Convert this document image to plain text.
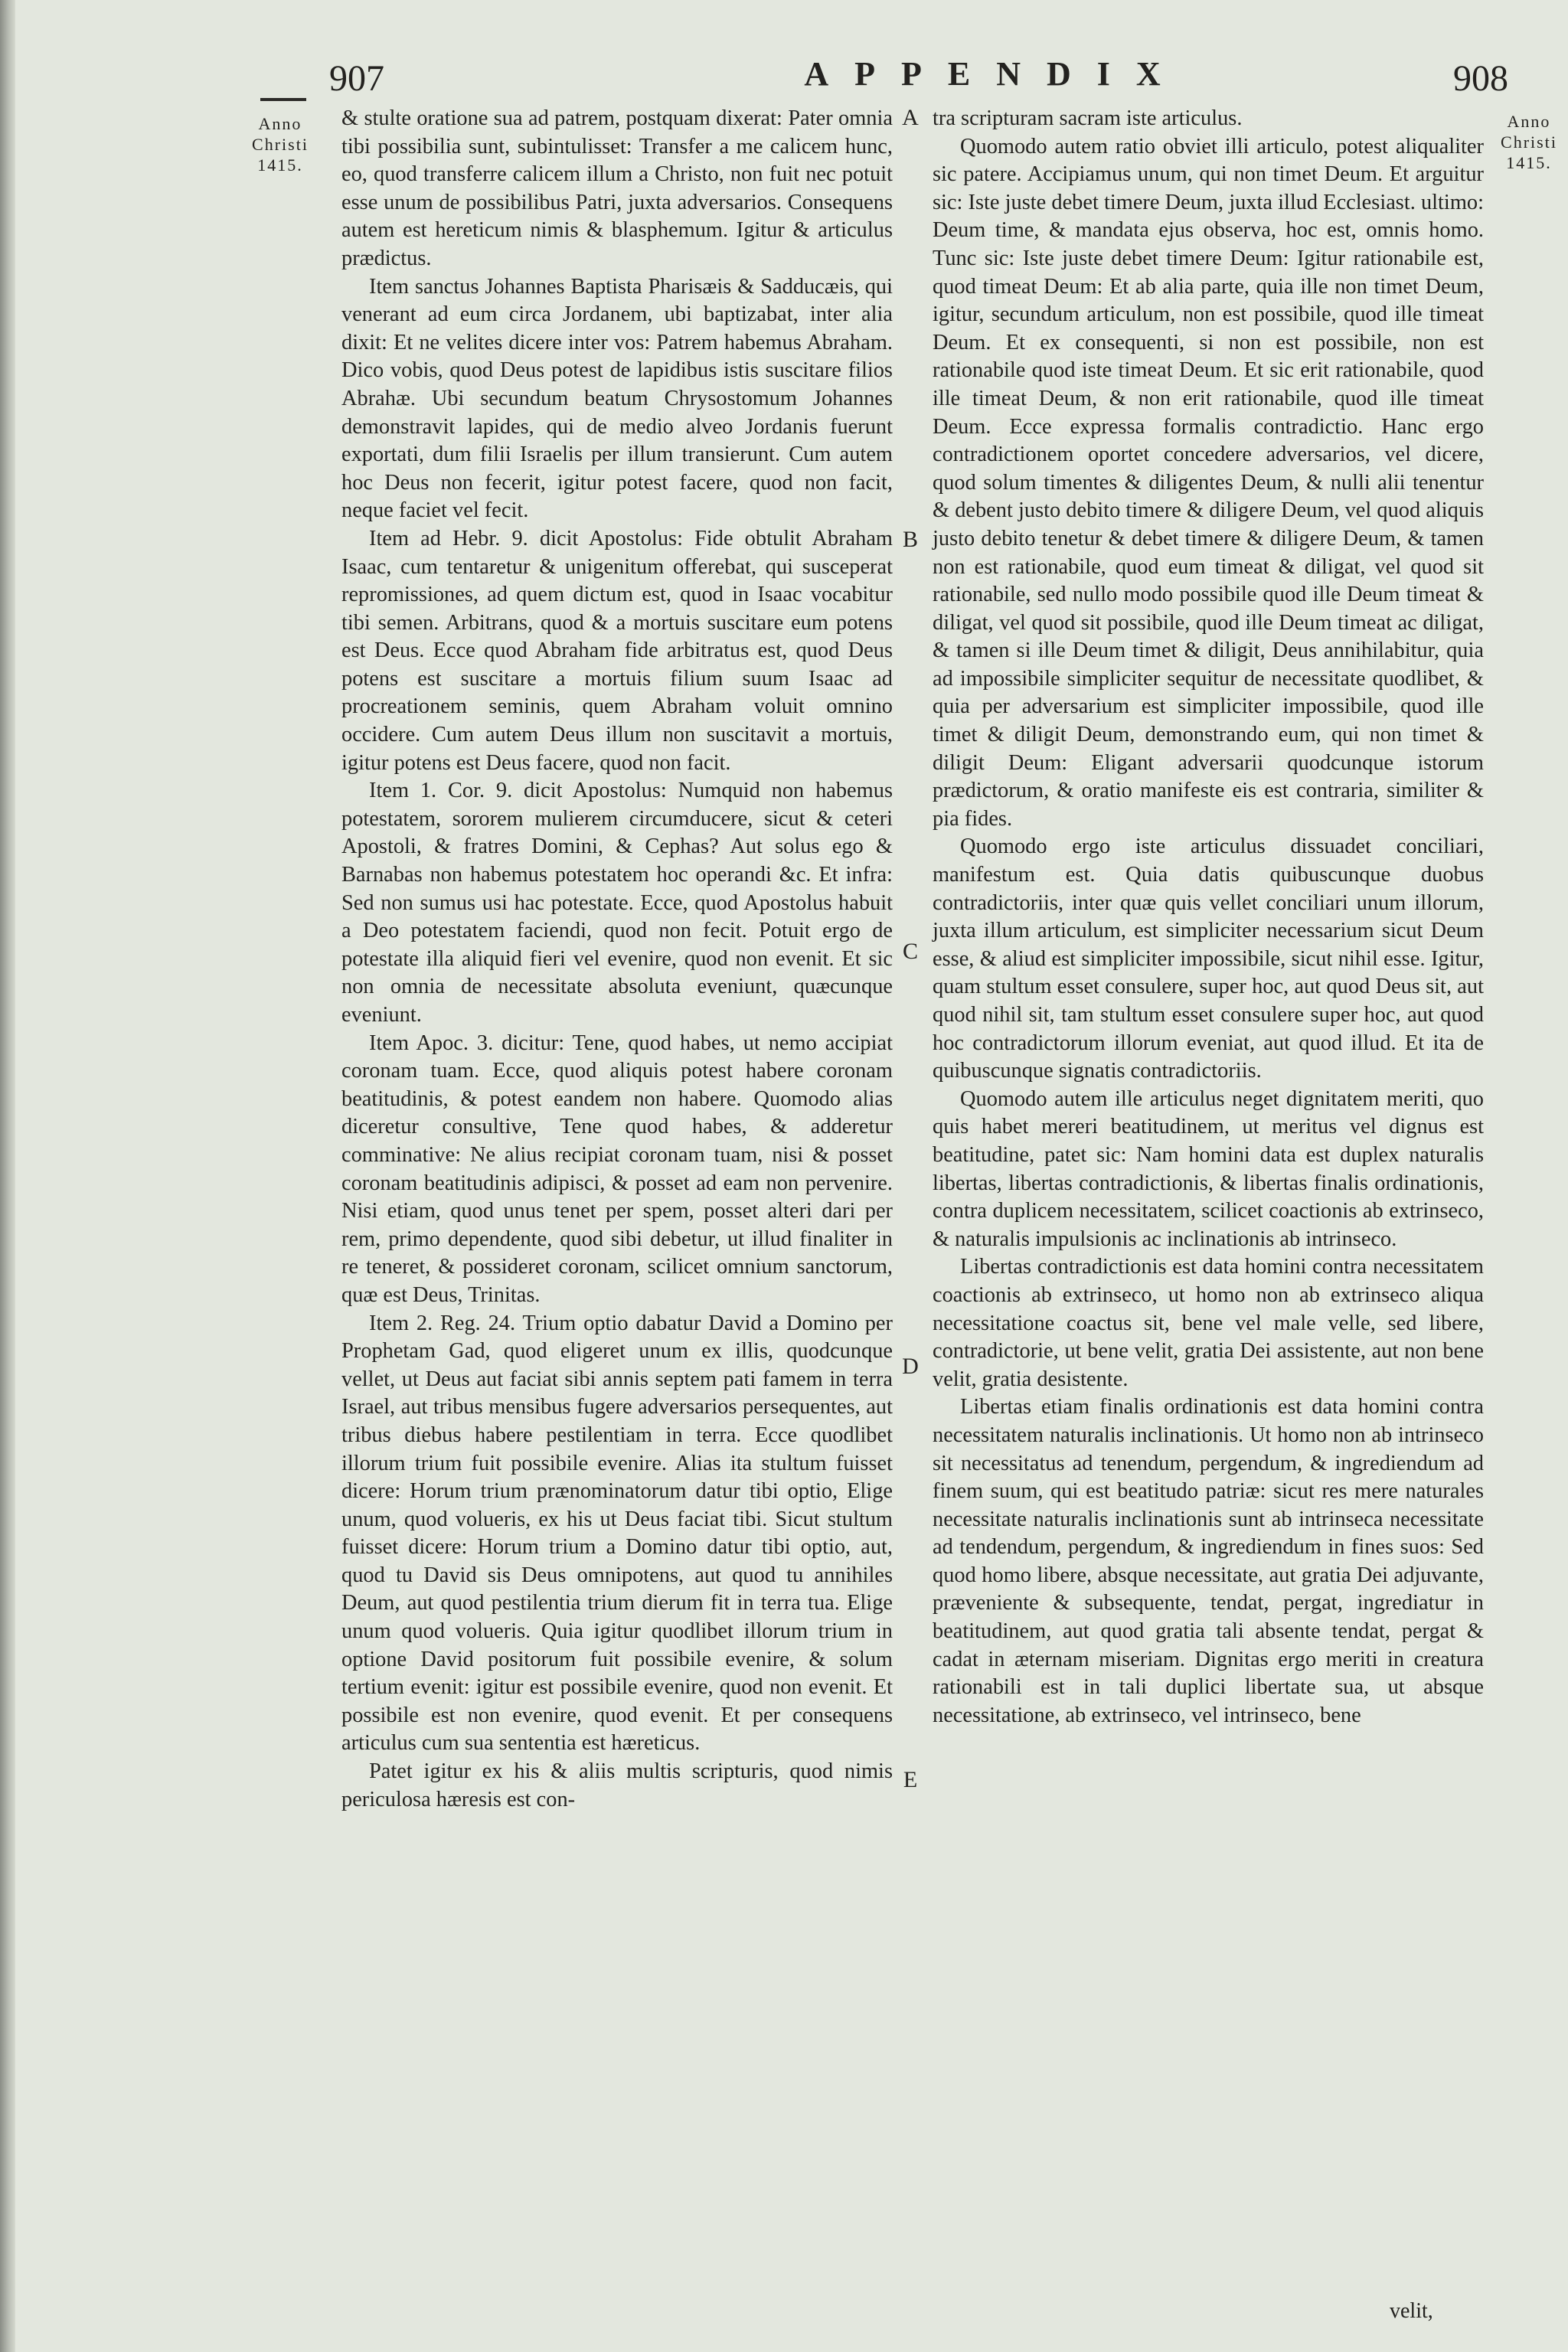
907	APPENDIX	908
Anno
Christi
1415.
Anno
Christi
1415.
A
B
C
D
E

& stulte oratione sua ad patrem, postquam dixerat: Pater omnia tibi possibilia sunt, subintulisset: Transfer a me calicem hunc, eo, quod transferre calicem illum a Christo, non fuit nec potuit esse unum de possibilibus Patri, juxta adversarios. Consequens autem est hereticum nimis & blasphemum. Igitur & articulus prædictus.

Item sanctus Johannes Baptista Pharisæis & Sadducæis, qui venerant ad eum circa Jordanem, ubi baptizabat, inter alia dixit: Et ne velites dicere inter vos: Patrem habemus Abraham. Dico vobis, quod Deus potest de lapidibus istis suscitare filios Abrahæ. Ubi secundum beatum Chrysostomum Johannes demonstravit lapides, qui de medio alveo Jordanis fuerunt exportati, dum filii Israelis per illum transierunt. Cum autem hoc Deus non fecerit, igitur potest facere, quod non facit, neque faciet vel fecit.

Item ad Hebr. 9. dicit Apostolus: Fide obtulit Abraham Isaac, cum tentaretur & unigenitum offerebat, qui susceperat repromissiones, ad quem dictum est, quod in Isaac vocabitur tibi semen. Arbitrans, quod & a mortuis suscitare eum potens est Deus. Ecce quod Abraham fide arbitratus est, quod Deus potens est suscitare a mortuis filium suum Isaac ad procreationem seminis, quem Abraham voluit omnino occidere. Cum autem Deus illum non suscitavit a mortuis, igitur potens est Deus facere, quod non facit.

Item 1. Cor. 9. dicit Apostolus: Numquid non habemus potestatem, sororem mulierem circumducere, sicut & ceteri Apostoli, & fratres Domini, & Cephas? Aut solus ego & Barnabas non habemus potestatem hoc operandi &c. Et infra: Sed non sumus usi hac potestate. Ecce, quod Apostolus habuit a Deo potestatem faciendi, quod non fecit. Potuit ergo de potestate illa aliquid fieri vel evenire, quod non evenit. Et sic non omnia de necessitate absoluta eveniunt, quæcunque eveniunt.

Item Apoc. 3. dicitur: Tene, quod habes, ut nemo accipiat coronam tuam. Ecce, quod aliquis potest habere coronam beatitudinis, & potest eandem non habere. Quomodo alias diceretur consultive, Tene quod habes, & adderetur comminative: Ne alius recipiat coronam tuam, nisi & posset coronam beatitudinis adipisci, & posset ad eam non pervenire. Nisi etiam, quod unus tenet per spem, posset alteri dari per rem, primo dependente, quod sibi debetur, ut illud finaliter in re teneret, & possideret coronam, scilicet omnium sanctorum, quæ est Deus, Trinitas.

Item 2. Reg. 24. Trium optio dabatur David a Domino per Prophetam Gad, quod eligeret unum ex illis, quodcunque vellet, ut Deus aut faciat sibi annis septem pati famem in terra Israel, aut tribus mensibus fugere adversarios persequentes, aut tribus diebus habere pestilentiam in terra. Ecce quodlibet illorum trium fuit possibile evenire. Alias ita stultum fuisset dicere: Horum trium prænominatorum datur tibi optio, Elige unum, quod volueris, ex his ut Deus faciat tibi. Sicut stultum fuisset dicere: Horum trium a Domino datur tibi optio, aut, quod tu David sis Deus omnipotens, aut quod tu annihiles Deum, aut quod pestilentia trium dierum fit in terra tua. Elige unum quod volueris. Quia igitur quodlibet illorum trium in optione David positorum fuit possibile evenire, & solum tertium evenit: igitur est possibile evenire, quod non evenit. Et possibile est non evenire, quod evenit. Et per consequens articulus cum sua sententia est hæreticus.

Patet igitur ex his & aliis multis scripturis, quod nimis periculosa hæresis est con-

tra scripturam sacram iste articulus.

Quomodo autem ratio obviet illi articulo, potest aliqualiter sic patere. Accipiamus unum, qui non timet Deum. Et arguitur sic: Iste juste debet timere Deum, juxta illud Ecclesiast. ultimo: Deum time, & mandata ejus observa, hoc est, omnis homo. Tunc sic: Iste juste debet timere Deum: Igitur rationabile est, quod timeat Deum: Et ab alia parte, quia ille non timet Deum, igitur, secundum articulum, non est possibile, quod ille timeat Deum. Et ex consequenti, si non est possibile, non est rationabile quod iste timeat Deum. Et sic erit rationabile, quod ille timeat Deum, & non erit rationabile, quod ille timeat Deum. Ecce expressa formalis contradictio. Hanc ergo contradictionem oportet concedere adversarios, vel dicere, quod solum timentes & diligentes Deum, & nulli alii tenentur & debent justo debito timere & diligere Deum, vel quod aliquis justo debito tenetur & debet timere & diligere Deum, & tamen non est rationabile, quod eum timeat & diligat, vel quod sit rationabile, sed nullo modo possibile quod ille Deum timeat & diligat, vel quod sit possibile, quod ille Deum timeat ac diligat, & tamen si ille Deum timet & diligit, Deus annihilabitur, quia ad impossibile simpliciter sequitur de necessitate quodlibet, & quia per adversarium est simpliciter impossibile, quod ille timet & diligit Deum, demonstrando eum, qui non timet & diligit Deum: Eligant adversarii quodcunque istorum prædictorum, & oratio manifeste eis est contraria, similiter & pia fides.

Quomodo ergo iste articulus dissuadet conciliari, manifestum est. Quia datis quibuscunque duobus contradictoriis, inter quæ quis vellet conciliari unum illorum, juxta illum articulum, est simpliciter necessarium sicut Deum esse, & aliud est simpliciter impossibile, sicut nihil esse. Igitur, quam stultum esset consulere, super hoc, aut quod Deus sit, aut quod nihil sit, tam stultum esset consulere super hoc, aut quod hoc contradictorum illorum eveniat, aut quod illud. Et ita de quibuscunque signatis contradictoriis.

Quomodo autem ille articulus neget dignitatem meriti, quo quis habet mereri beatitudinem, ut meritus vel dignus est beatitudine, patet sic: Nam homini data est duplex naturalis libertas, libertas contradictionis, & libertas finalis ordinationis, contra duplicem necessitatem, scilicet coactionis ab extrinseco, & naturalis impulsionis ac inclinationis ab intrinseco.

Libertas contradictionis est data homini contra necessitatem coactionis ab extrinseco, ut homo non ab extrinseco aliqua necessitatione coactus sit, bene vel male velle, sed libere, contradictorie, ut bene velit, gratia Dei assistente, aut non bene velit, gratia desistente.

Libertas etiam finalis ordinationis est data homini contra necessitatem naturalis inclinationis. Ut homo non ab intrinseco sit necessitatus ad tenendum, pergendum, & ingrediendum ad finem suum, qui est beatitudo patriæ: sicut res mere naturales necessitate naturalis inclinationis sunt ab intrinseca necessitate ad tendendum, pergendum, & ingrediendum in fines suos: Sed quod homo libere, absque necessitate, aut gratia Dei adjuvante, præveniente & subsequente, tendat, pergat, ingrediatur in beatitudinem, aut quod gratia tali absente tendat, pergat & cadat in æternam miseriam. Dignitas ergo meriti in creatura rationabili est in tali duplici libertate sua, ut absque necessitatione, ab extrinseco, vel intrinseco, bene

velit,
